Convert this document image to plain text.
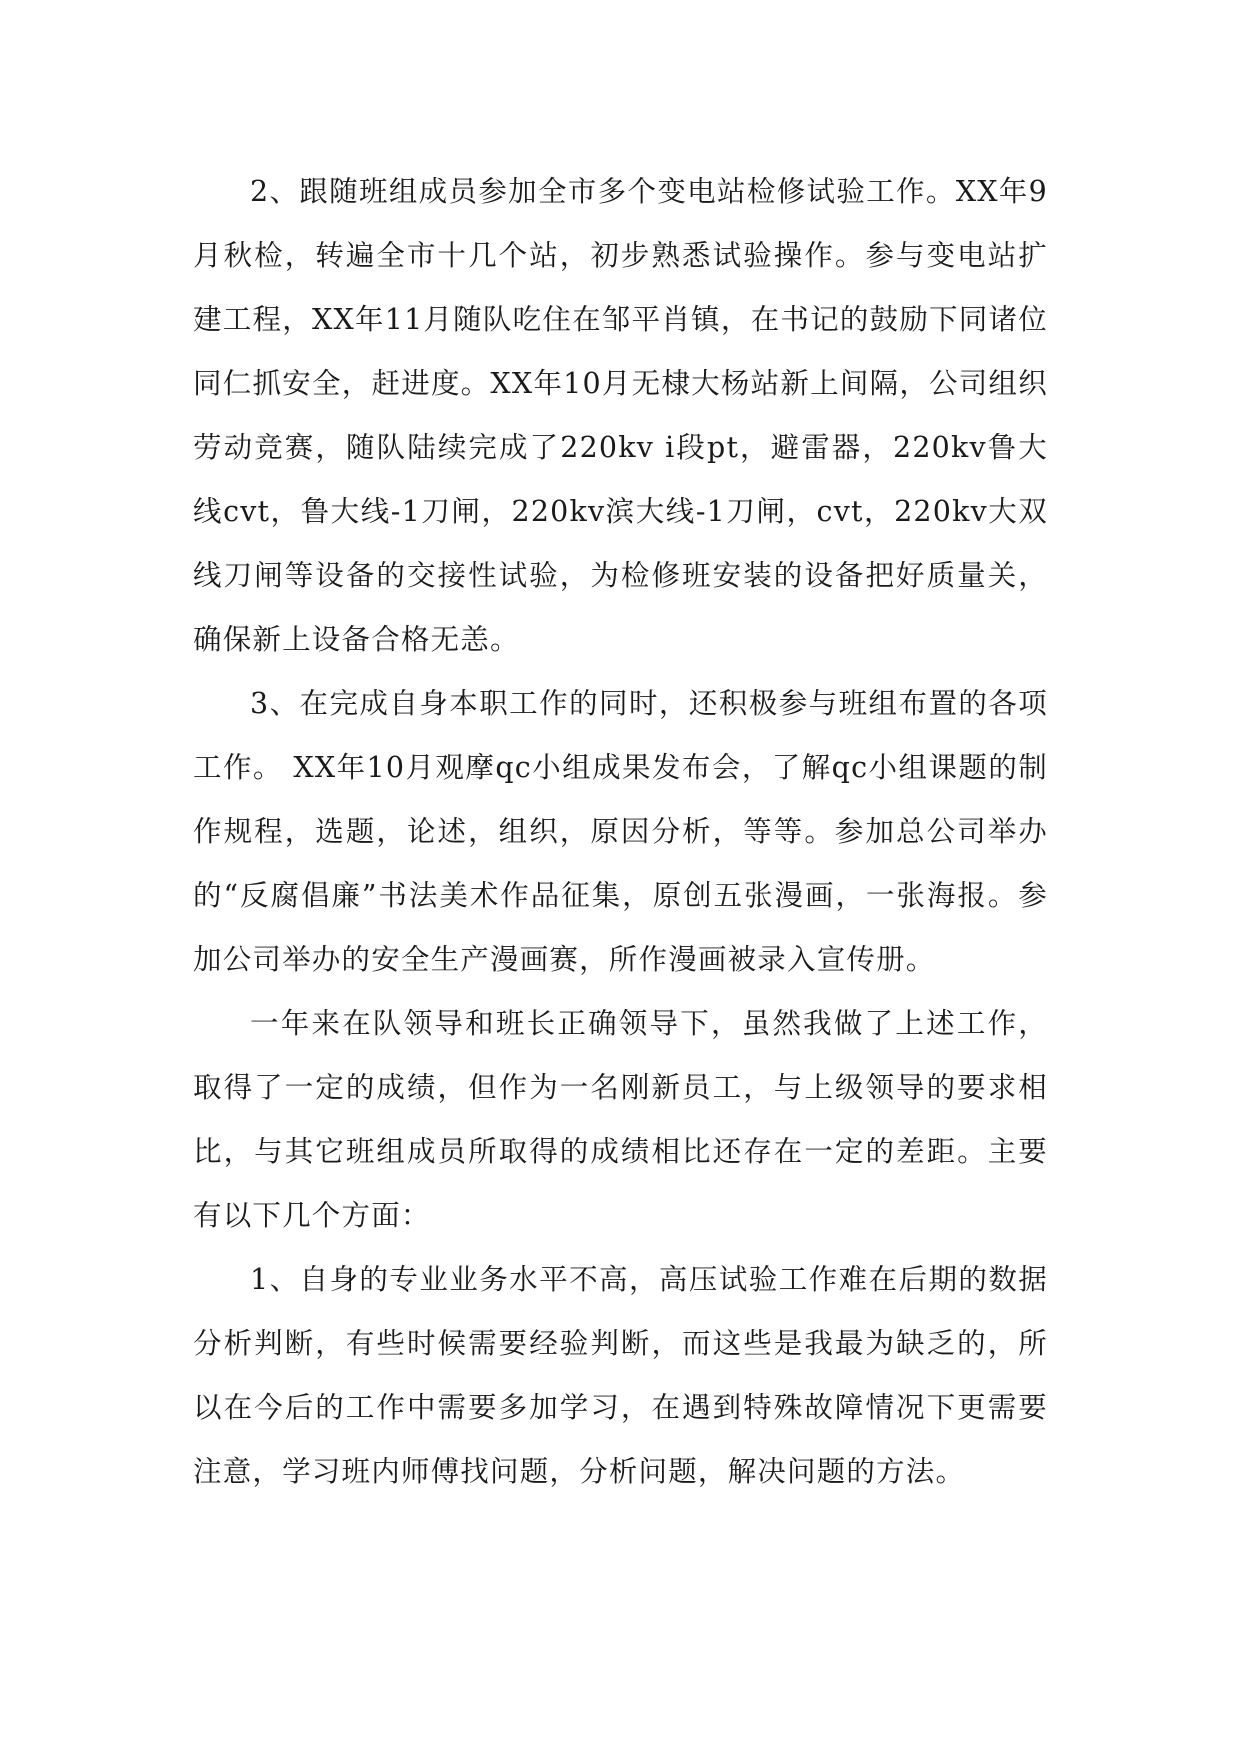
2、跟随班组成员参加全市多个变电站检修试验工作。XX年9月秋检，转遍全市十几个站，初步熟悉试验操作。参与变电站扩建工程，XX年11月随队吃住在邹平肖镇，在书记的鼓励下同诸位同仁抓安全，赶进度。XX年10月无棣大杨站新上间隔，公司组织劳动竞赛，随队陆续完成了220kv i段pt，避雷器，220kv鲁大线cvt，鲁大线-1刀闸，220kv滨大线-1刀闸，cvt，220kv大双线刀闸等设备的交接性试验，为检修班安装的设备把好质量关，确保新上设备合格无恙。

3、在完成自身本职工作的同时，还积极参与班组布置的各项工作。 XX年10月观摩qc小组成果发布会，了解qc小组课题的制作规程，选题，论述，组织，原因分析，等等。参加总公司举办的“反腐倡廉”书法美术作品征集，原创五张漫画，一张海报。参加公司举办的安全生产漫画赛，所作漫画被录入宣传册。

一年来在队领导和班长正确领导下，虽然我做了上述工作，取得了一定的成绩，但作为一名刚新员工，与上级领导的要求相比，与其它班组成员所取得的成绩相比还存在一定的差距。主要有以下几个方面：

1、自身的专业业务水平不高，高压试验工作难在后期的数据分析判断，有些时候需要经验判断，而这些是我最为缺乏的，所以在今后的工作中需要多加学习，在遇到特殊故障情况下更需要注意，学习班内师傅找问题，分析问题，解决问题的方法。
